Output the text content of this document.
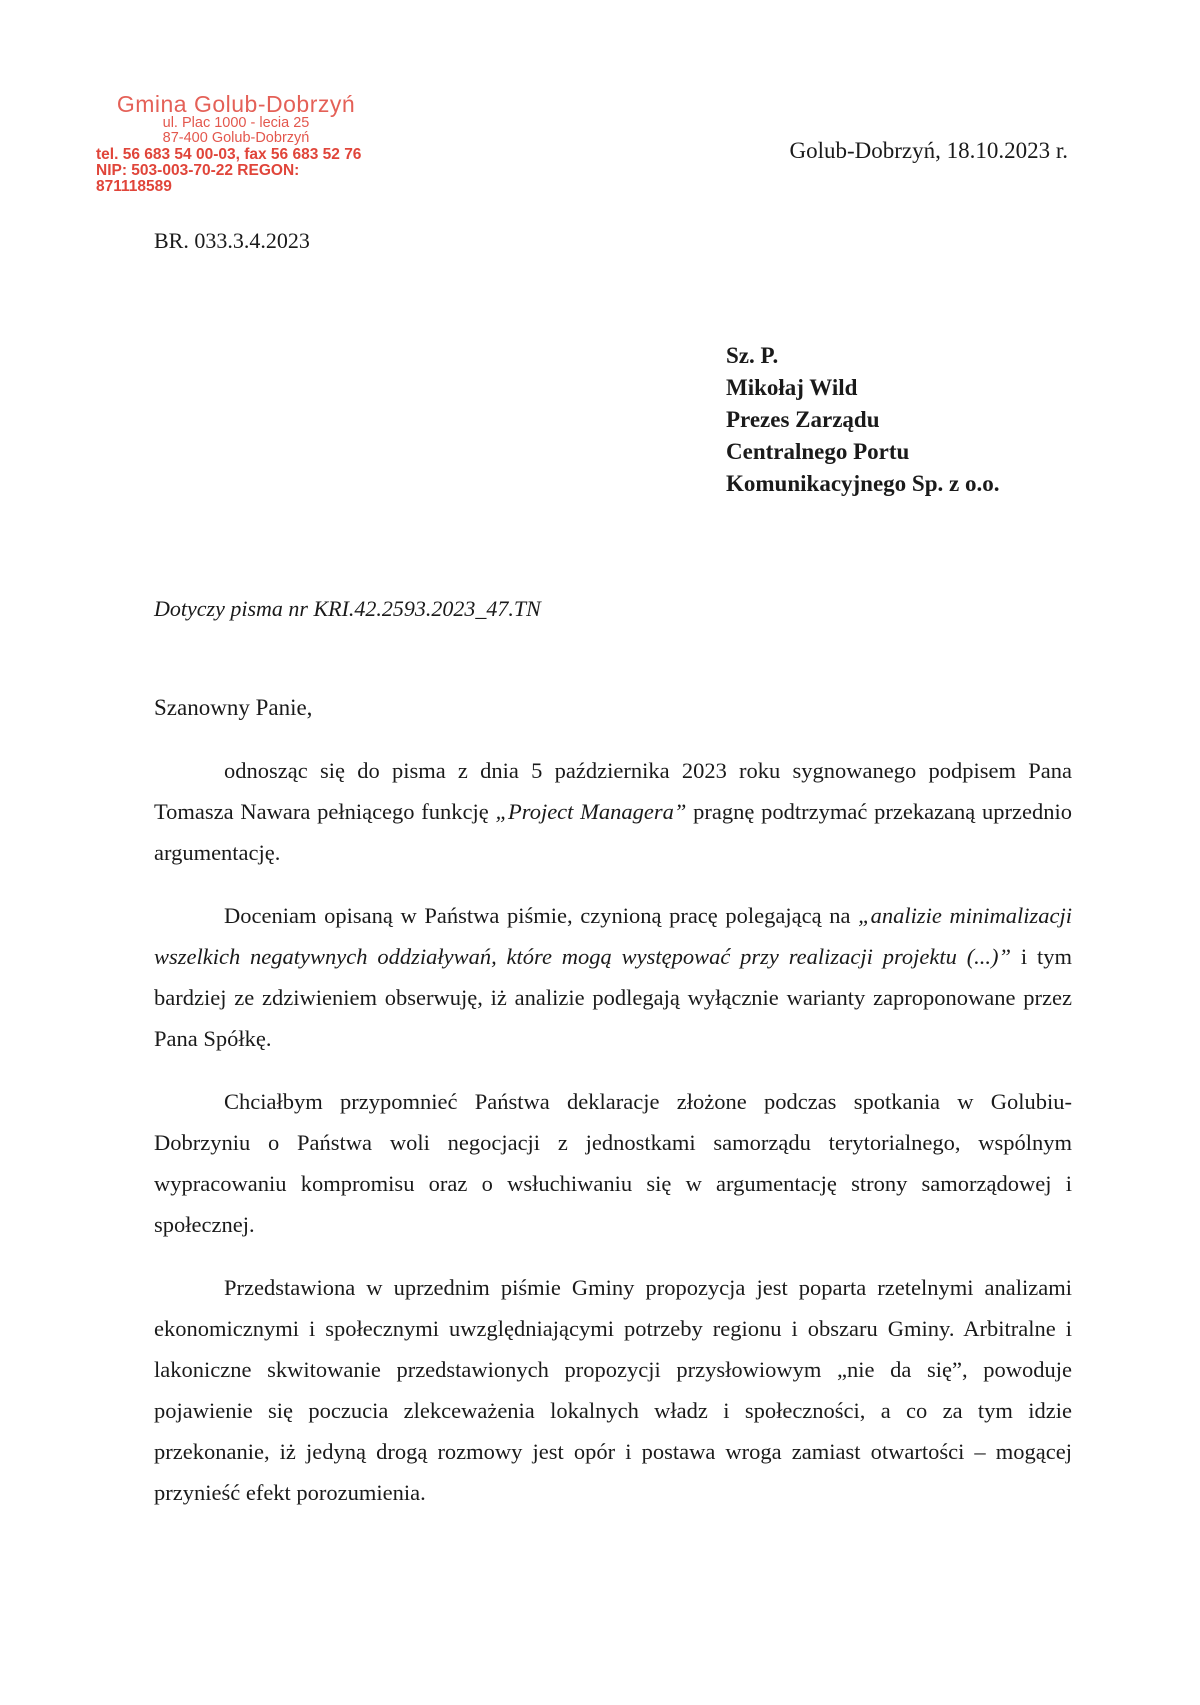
Gmina Golub-Dobrzyń
ul. Plac 1000 - lecia 25
87-400 Golub-Dobrzyń
tel. 56 683 54 00-03, fax 56 683 52 76
NIP: 503-003-70-22 REGON: 871118589
Golub-Dobrzyń, 18.10.2023 r.
BR. 033.3.4.2023
Sz. P.
Mikołaj Wild
Prezes Zarządu
Centralnego Portu
Komunikacyjnego Sp. z o.o.
Dotyczy pisma nr KRI.42.2593.2023_47.TN
Szanowny Panie,

odnosząc się do pisma z dnia 5 października 2023 roku sygnowanego podpisem Pana Tomasza Nawara pełniącego funkcję „Project Managera” pragnę podtrzymać przekazaną uprzednio argumentację.

Doceniam opisaną w Państwa piśmie, czynioną pracę polegającą na „analizie minimalizacji wszelkich negatywnych oddziaływań, które mogą występować przy realizacji projektu (...)” i tym bardziej ze zdziwieniem obserwuję, iż analizie podlegają wyłącznie warianty zaproponowane przez Pana Spółkę.

Chciałbym przypomnieć Państwa deklaracje złożone podczas spotkania w Golubiu-Dobrzyniu o Państwa woli negocjacji z jednostkami samorządu terytorialnego, wspólnym wypracowaniu kompromisu oraz o wsłuchiwaniu się w argumentację strony samorządowej i społecznej.

Przedstawiona w uprzednim piśmie Gminy propozycja jest poparta rzetelnymi analizami ekonomicznymi i społecznymi uwzględniającymi potrzeby regionu i obszaru Gminy. Arbitralne i lakoniczne skwitowanie przedstawionych propozycji przysłowiowym „nie da się”, powoduje pojawienie się poczucia zlekceważenia lokalnych władz i społeczności, a co za tym idzie przekonanie, iż jedyną drogą rozmowy jest opór i postawa wroga zamiast otwartości – mogącej przynieść efekt porozumienia.
